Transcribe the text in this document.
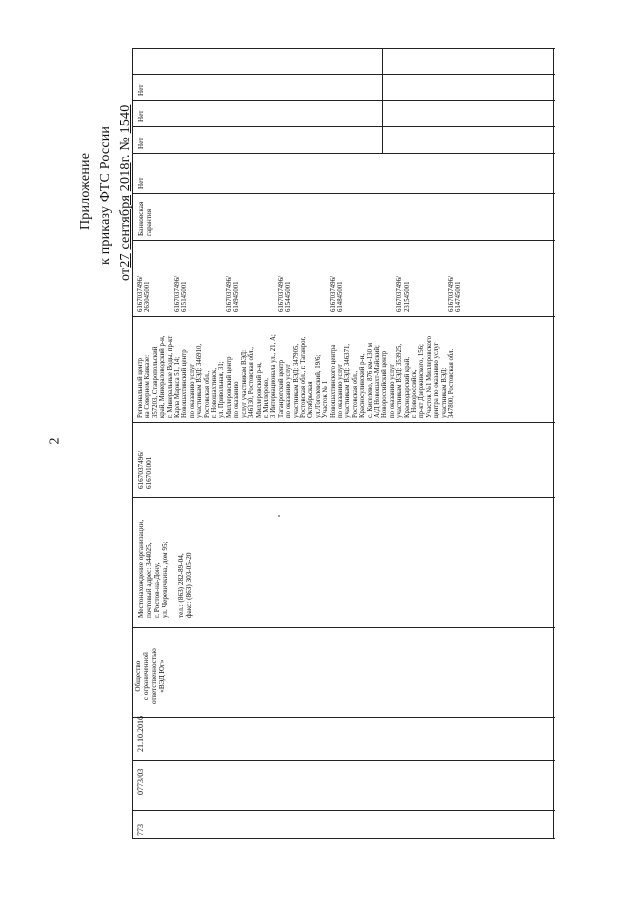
2
Приложение к приказу ФТС России
от27 сентября 2018г. № 1540
773
0773/03
21.10.2016
Общество
с ограниченной
ответственностью
«ВЭД Юг»
Местонахождение организации,
почтовый адрес: 344025,
г. Ростов-на-Дону,
ул. Черевичкина, дом 95;

тел.: (863) 282-89-04,
факс: (863) 303-05-20
6167037496/
616701001
Региональный центр
на Северном Кавказе:
357203, Ставропольский
край, Минераловодский р-н,
г. Минеральные Воды, пр-кт
Карла Маркса 51, 14;
Новошахтинский центр
по оказанию услуг
участникам ВЭД: 346910,
Ростовская обл.,
г. Новошахтинск,
ул. Привольная, 31;
Миллеровский центр
по оказанию
услуг участникам ВЭД:
346130, Ростовская обл.,
Миллеровский р-н,
г. Миллерово,
3 Интернационала ул., 21, А;
Таганрогский центр
по оказанию услуг
участникам ВЭД: 347905,
Ростовская обл., г. Таганрог,
Октябрьская
ул./Гоголевский, 19/6;
Участок № 1
Новошахтинского центра
по оказанию услуг
участникам ВЭД: 346371,
Ростовская обл.,
Красносулинский р-н,
с. Киселево, 876 км-130 м
А/Д Новошахт-Майский;
Новороссийский центр
по оказанию услуг
участникам ВЭД: 353925,
Краснодарский край,
г. Новороссийск,
пр-кт Дзержинского, 156;
Участок №1 Миллеровского
центра по оказанию услуг
участникам ВЭД:
347800, Ростовская обл.
6167037496/
263045001

6167037496/
615145001

6167037496/
614945001

6167037496/
615445001

6167037496/
614845001

6167037496/
231545001

6167037496/
614745001
Банковская
гарантия
Нет
Нет
Нет
Нет
